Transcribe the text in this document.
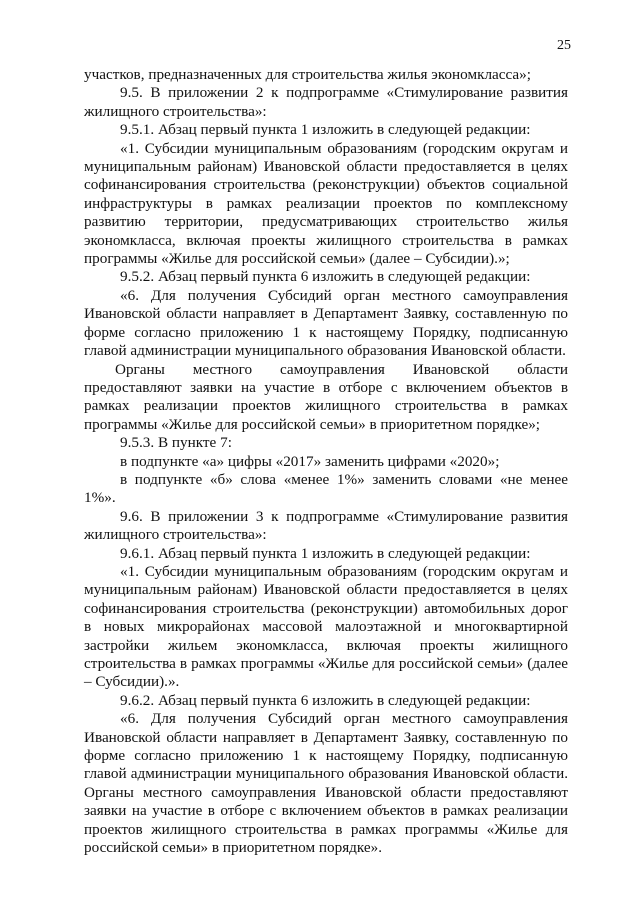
25

участков, предназначенных для строительства жилья экономкласса»;

9.5. В приложении 2 к подпрограмме «Стимулирование развития жилищного строительства»:

9.5.1. Абзац первый пункта 1 изложить в следующей редакции:

«1. Субсидии муниципальным образованиям (городским округам и муниципальным районам) Ивановской области предоставляется в целях софинансирования строительства (реконструкции) объектов социальной инфраструктуры в рамках реализации проектов по комплексному развитию территории, предусматривающих строительство жилья экономкласса, включая проекты жилищного строительства в рамках программы «Жилье для российской семьи» (далее – Субсидии).»;

9.5.2. Абзац первый пункта 6 изложить в следующей редакции:

«6. Для получения Субсидий орган местного самоуправления Ивановской области направляет в Департамент Заявку, составленную по форме согласно приложению 1 к настоящему Порядку, подписанную главой администрации муниципального образования Ивановской области.

Органы местного самоуправления Ивановской области предоставляют заявки на участие в отборе с включением объектов в рамках реализации проектов жилищного строительства в рамках программы «Жилье для российской семьи» в приоритетном порядке»;

9.5.3. В пункте 7:

в подпункте «а» цифры «2017» заменить цифрами «2020»;

в подпункте «б» слова «менее 1%» заменить словами «не менее 1%».

9.6. В приложении 3 к подпрограмме «Стимулирование развития жилищного строительства»:

9.6.1. Абзац первый пункта 1 изложить в следующей редакции:

«1. Субсидии муниципальным образованиям (городским округам и муниципальным районам) Ивановской области предоставляется в целях софинансирования строительства (реконструкции) автомобильных дорог в новых микрорайонах массовой малоэтажной и многоквартирной застройки жильем экономкласса, включая проекты жилищного строительства в рамках программы «Жилье для российской семьи» (далее – Субсидии).».

9.6.2. Абзац первый пункта 6 изложить в следующей редакции:

«6. Для получения Субсидий орган местного самоуправления Ивановской области направляет в Департамент Заявку, составленную по форме согласно приложению 1 к настоящему Порядку, подписанную главой администрации муниципального образования Ивановской области. Органы местного самоуправления Ивановской области предоставляют заявки на участие в отборе с включением объектов в рамках реализации проектов жилищного строительства в рамках программы «Жилье для российской семьи» в приоритетном порядке».
